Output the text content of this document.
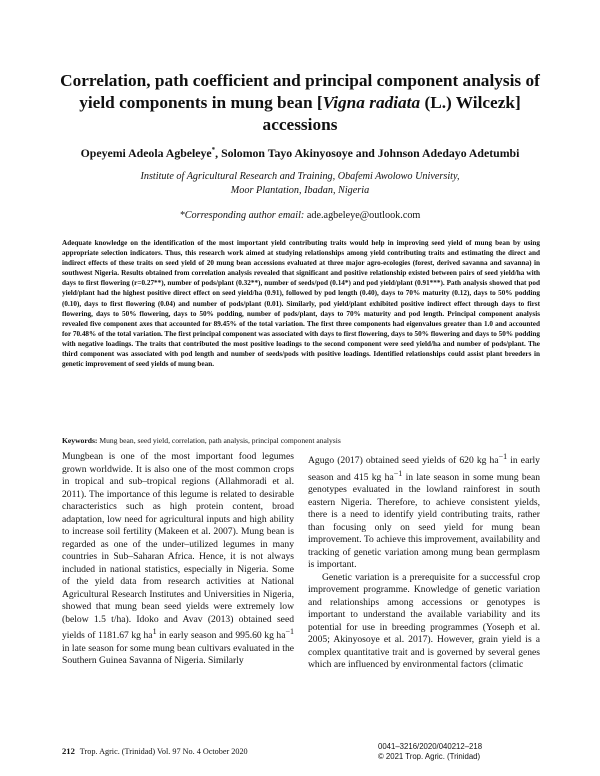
Correlation, path coefficient and principal component analysis of yield components in mung bean [Vigna radiata (L.) Wilcezk] accessions
Opeyemi Adeola Agbeleye*, Solomon Tayo Akinyosoye and Johnson Adedayo Adetumbi
Institute of Agricultural Research and Training, Obafemi Awolowo University,
Moor Plantation, Ibadan, Nigeria
*Corresponding author email: ade.agbeleye@outlook.com

Adequate knowledge on the identification of the most important yield contributing traits would help in improving seed yield of mung bean by using appropriate selection indicators. Thus, this research work aimed at studying relationships among yield contributing traits and estimating the direct and indirect effects of these traits on seed yield of 20 mung bean accessions evaluated at three major agro-ecologies (forest, derived savanna and savanna) in southwest Nigeria. Results obtained from correlation analysis revealed that significant and positive relationship existed between pairs of seed yield/ha with days to first flowering (r=0.27**), number of pods/plant (0.32**), number of seeds/pod (0.14*) and pod yield/plant (0.91***). Path analysis showed that pod yield/plant had the highest positive direct effect on seed yield/ha (0.91), followed by pod length (0.40), days to 70% maturity (0.12), days to 50% podding (0.10), days to first flowering (0.04) and number of pods/plant (0.01). Similarly, pod yield/plant exhibited positive indirect effect through days to first flowering, days to 50% flowering, days to 50% podding, number of pods/plant, days to 70% maturity and pod length. Principal component analysis revealed five component axes that accounted for 89.45% of the total variation. The first three components had eigenvalues greater than 1.0 and accounted for 70.48% of the total variation. The first principal component was associated with days to first flowering, days to 50% flowering and days to 50% podding with negative loadings. The traits that contributed the most positive loadings to the second component were seed yield/ha and number of pods/plant. The third component was associated with pod length and number of seeds/pods with positive loadings. Identified relationships could assist plant breeders in genetic improvement of seed yields of mung bean.

Keywords: Mung bean, seed yield, correlation, path analysis, principal component analysis

Mungbean is one of the most important food legumes grown worldwide. It is also one of the most common crops in tropical and sub–tropical regions (Allahmoradi et al. 2011). The importance of this legume is related to desirable characteristics such as high protein content, broad adaptation, low need for agricultural inputs and high ability to increase soil fertility (Makeen et al. 2007). Mung bean is regarded as one of the under–utilized legumes in many countries in Sub–Saharan Africa. Hence, it is not always included in national statistics, especially in Nigeria. Some of the yield data from research activities at National Agricultural Research Institutes and Universities in Nigeria, showed that mung bean seed yields were extremely low (below 1.5 t/ha). Idoko and Avav (2013) obtained seed yields of 1181.67 kg $ha^1$ in early season and 995.60 kg $ha^{-1}$ in late season for some mung bean cultivars evaluated in the Southern Guinea Savanna of Nigeria. Similarly

Agugo (2017) obtained seed yields of 620 kg $ha^{-1}$ in early season and 415 kg $ha^{-1}$ in late season in some mung bean genotypes evaluated in the lowland rainforest in south eastern Nigeria. Therefore, to achieve consistent yields, there is a need to identify yield contributing traits, rather than focusing only on seed yield for mung bean improvement. To achieve this improvement, availability and tracking of genetic variation among mung bean germplasm is important.

Genetic variation is a prerequisite for a successful crop improvement programme. Knowledge of genetic variation and relationships among accessions or genotypes is important to understand the available variability and its potential for use in breeding programmes (Yoseph et al. 2005; Akinyosoye et al. 2017). However, grain yield is a complex quantitative trait and is governed by several genes which are influenced by environmental factors (climatic

212 Trop. Agric. (Trinidad) Vol. 97 No. 4 October 2020
0041–3216/2020/040212–218
© 2021 Trop. Agric. (Trinidad)
